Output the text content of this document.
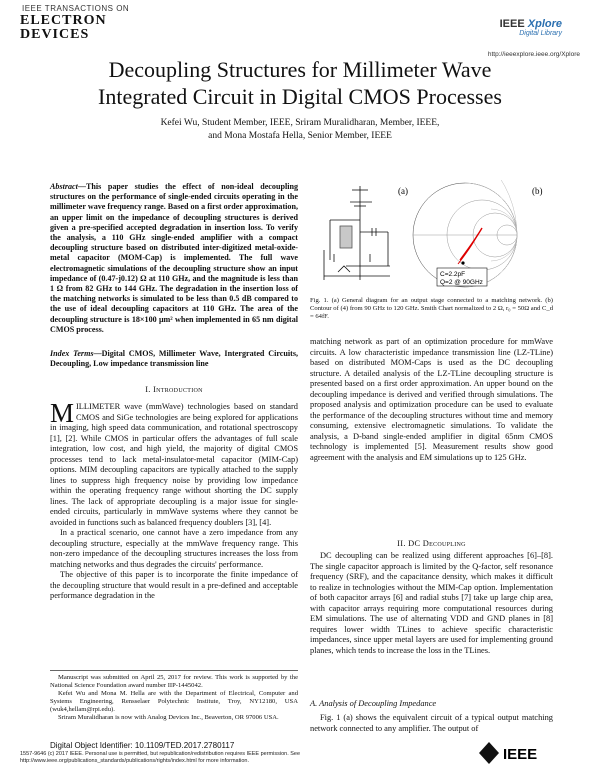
IEEE TRANSACTIONS ON
ELECTRON
DEVICES
IEEE Xplore
Digital Library
http://ieeexplore.ieee.org/Xplore
Decoupling Structures for Millimeter Wave
Integrated Circuit in Digital CMOS Processes
Kefei Wu, Student Member, IEEE, Sriram Muralidharan, Member, IEEE,
and Mona Mostafa Hella, Senior Member, IEEE
Abstract—This paper studies the effect of non-ideal decoupling structures on the performance of single-ended circuits operating in the millimeter wave frequency range. Based on a first order approximation, an upper limit on the impedance of decoupling structures is derived given a pre-specified accepted degradation in insertion loss. To verify the analysis, a 110 GHz single-ended amplifier with a compact decoupling structure based on distributed inter-digitized metal-oxide-metal capacitor (MOM-Cap) is implemented. The full wave electromagnetic simulations of the decoupling structure show an input impedance of (0.47-j0.12) Ω at 110 GHz, and the magnitude is less than 1 Ω from 82 GHz to 144 GHz. The degradation in the insertion loss of the matching networks is simulated to be less than 0.5 dB compared to the use of ideal decoupling capacitors at 110 GHz. The area of the decoupling structure is 18×100 μm² when implemented in 65 nm digital CMOS process.
Index Terms—Digital CMOS, Millimeter Wave, Intergrated Circuits, Decoupling, Low impedance transmission line
I. Introduction

MILLIMETER wave (mmWave) technologies based on standard CMOS and SiGe technologies are being explored for applications in imaging, high speed data communication, and rotational spectroscopy [1], [2]. While CMOS in particular offers the advantages of full scale integration, low cost, and high yield, the majority of digital CMOS processes tend to lack metal-insulator-metal capacitor (MIM-Cap) options. MIM decoupling capacitors are typically attached to the supply lines to suppress high frequency noise by providing low impedance within the operating frequency range without shorting the DC supply lines. The lack of appropriate decoupling is a major issue for single-ended circuits, particularly in mmWave systems where they cannot be avoided in functions such as balanced frequency doublers [3], [4].

In a practical scenario, one cannot have a zero impedance from any decoupling structure, especially at the mmWave frequency range. This non-zero impedance of the decoupling structures increases the loss from matching networks and thus degrades the circuits' performance.

The objective of this paper is to incorporate the finite impedance of the decoupling structure that would result in a pre-defined and acceptable performance degradation in the

Manuscript was submitted on April 25, 2017 for review. This work is supported by the National Science Foundation award number IIP-1445042.

Kefei Wu and Mona M. Hella are with the Department of Electrical, Computer and Systems Engineering, Rensselaer Polytechnic Institute, Troy, NY12180, USA (wuk4,hellam@rpi.edu).

Sriram Muralidharan is now with Analog Devices Inc., Beaverton, OR 97006 USA.

Digital Object Identifier: 10.1109/TED.2017.2780117
(a)	(b)
C=2.2pF
Q=2 @ 90GHz
Fig. 1. (a) General diagram for an output stage connected to a matching network. (b) Contour of (4) from 90 GHz to 120 GHz. Smith Chart normalized to 2 Ω, r₀ = 50Ω and C_d = 64fF.

matching network as part of an optimization procedure for mmWave circuits. A low characteristic impedance transmission line (LZ-TLine) based on distributed MOM-Caps is used as the DC decoupling structure. A detailed analysis of the LZ-TLine decoupling structure is presented based on a first order approximation. An upper bound on the decoupling impedance is derived and verified through simulations. The proposed analysis and optimization procedure can be used to evaluate the performance of the decoupling structures without time and memory consuming, extensive electromagnetic simulations. To validate the analysis, a D-band single-ended amplifier in digital 65nm CMOS technology is implemented [5]. Measurement results show good agreement with the analysis and EM simulations up to 125 GHz.

II. DC Decoupling

DC decoupling can be realized using different approaches [6]–[8]. The single capacitor approach is limited by the Q-factor, self resonance frequency (SRF), and the capacitance density, which makes it difficult to realize in technologies without the MIM-Cap option. Implementation of both capacitor arrays [6] and radial stubs [7] take up large chip area, with capacitor arrays requiring more computational resources during EM simulations. The use of alternating VDD and GND planes in [8] requires lower width TLines to achieve specific characteristic impedances, since upper metal layers are used for implementing ground planes, which tends to increase the loss in the TLines.

A. Analysis of Decoupling Impedance

Fig. 1 (a) shows the equivalent circuit of a typical output matching network connected to any amplifier. The output of

1557-9646 (c) 2017 IEEE. Personal use is permitted, but republication/redistribution requires IEEE permission. See http://www.ieee.org/publications_standards/publications/rights/index.html for more information.	IEEE
